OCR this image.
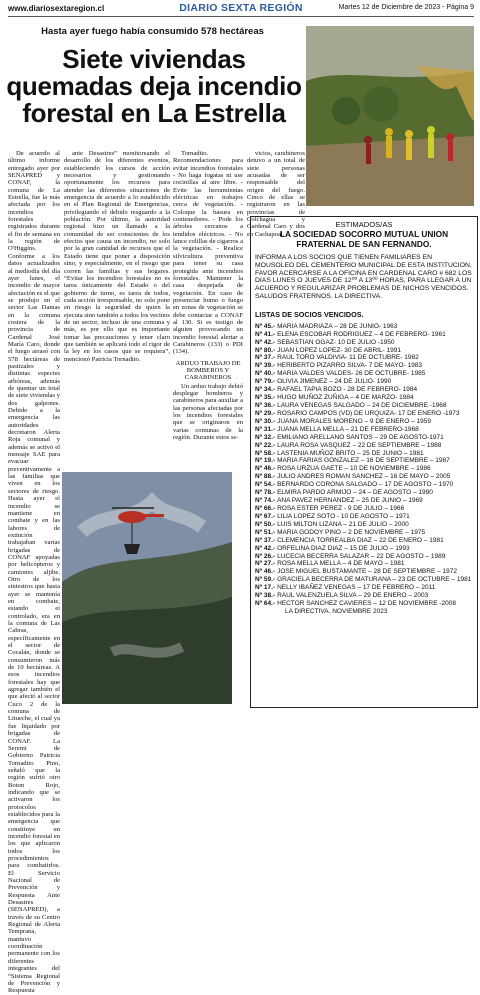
www.diariosextaregion.cl	DIARIO SEXTA REGIÓN	Martes 12 de Diciembre de 2023 - Página 9
Hasta ayer fuego había consumido 578 hectáreas
Siete viviendas quemadas deja incendio forestal en La Estrella

De acuerdo al último informe entregado ayer por SENAPRED y CONAF, la comuna de La Estrella, fue la más afectada por los incendios forestales registrados durante el fin de semana en la región de O'Higgins. Conforme a los datos actualizados al mediodía del día ayer lunes, el incendio de mayor afectación es el que se produjo en el sector Las Damas en la comuna costera de la provincia de Cardenal José María Caro, donde el fuego arrasó con 578 hectáreas de pastizales y distintas especies arbóreas, además de quemar un total de siete viviendas y dos galpones. Debido a la emergencia las autoridades decretaron Alerta Roja comunal y además se activó el mensaje SAE para evacuar preventivamente a las familias que viven en los sectores de riesgo. Hasta ayer el incendio se mantiene en combate y en las labores de extinción trabajaban varias brigadas de CONAF apoyadas por helicópteros y camiones aljibe. Otro de los siniestros que hasta ayer se mantenía en combate, estando ei controlado, era en la comuna de Las Cabras, específicamente en el sector de Cocalán, donde se consumieron más de 10 hectáreas. A esos incendios forestales hay que agregar también el que afectó al sector Cuco 2 de la comuna de Litueche, el cual ya fue liquidado por brigadas de CONAF. La Seremi de Gobierno Patricia Tornadito Pino, señaló que la región sufrió otro Boton Rojo, indicando que se activaron los protocolos establecidos para la emergencia que constituye un incendio forestal en los que aplicaron todos los procedimientos para combatirlos. El Servicio Nacional de Prevención y Respuesta Ante Desastres (SENAPRED), a través de su Centro Regional de Alerta Temprana, mantuvo coordinación permanente con los diferentes integrantes del “Sistema Regional de Prevención y Respuesta

ante Desastres” monitoreando el desarrollo de los diferentes eventos, estableciendo los cursos de acción necesarios y gestionando oportunamente los recursos para atender las diferentes situaciones de emergencia de acuerdo a lo establecido en el Plan Regional de Emergencias, privilegiando el debido resguardo a la población. Por último, la autoridad regional hizo un llamado a la comunidad de ser conscientes de los efectos que causa un incendio, no solo por la gran cantidad de recursos que el Estado tiene que poner a disposición sino, y especialmente, en el riesgo que corren las familias y sus hogares. “Evitar los incendios forestales no es tarea únicamente del Estado o del gobierno de turno, es tarea de todos, cada acción irresponsable, no solo pone en riesgo la seguridad de quien la ejecuta sino también a todos los vecinos de un sector, incluso de una comuna y más, es por ello que es importante tomar las precauciones y tener claro que también se aplicará todo el rigor de la ley en los casos que se requiera”, mencionó Patricia Tornadito.

Tornadito. Recomendaciones para evitar incendios forestales - No haga fogatas ni use cocinillas al aire libre. - Evite las herramientas eléctricas en trabajos cerca de vegetación. - Coloque la basura en contenedores. - Pode los árboles cercanos a tendidos eléctricos. - No lance colillas de cigarros a la vegetación. - Realice silvicultura preventiva para tener su casa protegida ante incendios forestales. Mantener la casa despejada de vegetación. En caso de presenciar humo o fuego en zonas de vegetación se debe contactar a CONAF al 130. Si es testigo de alguien provocando un incendio forestal alertar a Carabineros (133) o PDI (134).

ARDUO TRABAJO DE BOMBEROS Y CARABINEROS

Un arduo trabajo debió desplegar bomberos y carabineros para auxiliar a las personas afectadas por los incendios forestales que se originaron en varias comunas de la región. Durante estos se-

vicios, carabineros detuvo a un total de siete personas acusadas de ser responsable del origen del fuego. Cinco de ellas se registraron en las provincias de Colchagua y Cardenal Caro y dos en Cachapoal.

ESTIMADOS/AS
LA SOCIEDAD SOCORRO MUTUAL UNION FRATERNAL DE SAN FERNANDO.
INFORMA A LOS SOCIOS QUE TIENEN FAMILIARES EN MOUSOLEO DEL CEMENTERIO MUNICIPAL DE ESTA INSTITUCION, FAVOR ACERCARSE A LA OFICINA EN CARDENAL CARO # 682 LOS DIAS LUNES O JUEVES DE 12⁰⁰ A 13⁰⁰ HORAS, PARA LLEGAR A UN ACUERDO Y REGULARIZAR PROBLEMAS DE NICHOS VENCIDOS. SALUDOS FRATERNOS. LA DIRECTIVA.
LISTAS DE SOCIOS VENCIDOS.
Nº 45.- MARIA MADRIAZA – 28 DE JUNIO- 1963
Nº 41.- ELENA ESCOBAR RODRIGUEZ – 4 DE FEBRERO- 1961
Nº 42.- SEBASTIAN OGAZ- 10 DE JULIO -1950
Nº 80.- JUAN LOPEZ LOPEZ- 30 DE ABRIL- 1991
Nº 37.- RAUL TORO VALDIVIA- 11 DE OCTUBRE- 1982
Nº 39.- HERIBERTO PIZARRO SILVA- 7 DE MAYO- 1983
Nº 40.- MARIA VALDES VALDES- 26 DE OCTUBRE- 1985
Nº 79.- OLIVIA JIMENEZ – 24 DE JULIO- 1990
Nº 34.- RAFAEL TAPIA BOZO - 28 DE FEBRERO- 1984
Nº 35.- HUGO MUÑOZ ZUÑIGA – 4 DE MARZO- 1984
Nº 36.- LAURA VENEGAS SALGADO – 24 DE DICIEMBRE -1968
Nº 29.- ROSARIO CAMPOS (VD) DE URQUIZA- 17 DE ENERO -1973
Nº 30.- JUANA MORALES MORENO – 9 DE ENERO – 1959
Nº 31.- JUANA MELLA MELLA – 21 DE FEBRERO-1968
Nº 32.- EMILIANO ARELLANO SANTOS – 29 DE AGOSTO-1971
Nº 22.- LAURA ROSA VASQUEZ – 22 DE SEPTIEMBRE – 1988
Nº 58.- LASTENIA MUÑOZ BRITO – 25 DE JUNIO – 1981
Nº 19.- MARIA FARIAS GONZALEZ – 16 DE SEPTIEMBRE – 1987
Nº 46.- ROSA URZUA GAETE – 10 DE NOVIEMBRE – 1986
Nº 88.- JULIO ANDRES ROMAN SANCHEZ – 16 DE MAYO – 2005
Nº 54.- BERNARDO CORONA SALGADO – 17 DE AGOSTO – 1970
Nº 78.- ELMIRA PARDO ARMIJO – 24 – DE AGOSTO – 1990
Nº 74.- ANA PAVEZ HERNANDEZ – 25 DE JUNIO – 1969
Nº 66.- ROSA ESTER PEREZ - 9 DE JULIO – 1966
Nº 67.- LILIA LOPEZ SOTO - 10 DE AGOSTO – 1971
Nº 50.- LUIS MILTON LIZANA – 21 DE JULIO – 2000
Nº 51.- MARIA GODOY PINO – 2 DE NOVIEMBRE – 1975
Nº 37.- CLEMENCIA TORREALBA DIAZ – 22 DE ENERO – 1981
Nº 42.- ORFELINA DIAZ DIAZ – 15 DE JULIO – 1993
Nº 26.- LUCECIA BECERRA SALAZAR – 22 DE AGOSTO – 1989
Nº 27.- ROSA MELLA MELLA – 4 DE MAYO – 1981
Nº 46.- JOSE MIGUEL BUSTAMANTE – 28 DE SEPTIEMBRE – 1972
Nº 59.- GRACIELA BECERRA DE MATURANA – 23 DE OCTUBRE – 1981
Nº 17.- NELLY IBAÑEZ VENEGAS – 17 DE FEBRERO – 2011
Nº 38.- RAUL VALENZUELA SILVA – 29 DE ENERO – 2003
Nº 64.- HECTOR SANCHEZ CAVIERES – 12 DE NOVIEMBRE -2008
LA DIRECTIVA. NOVIEMBRE 2023
